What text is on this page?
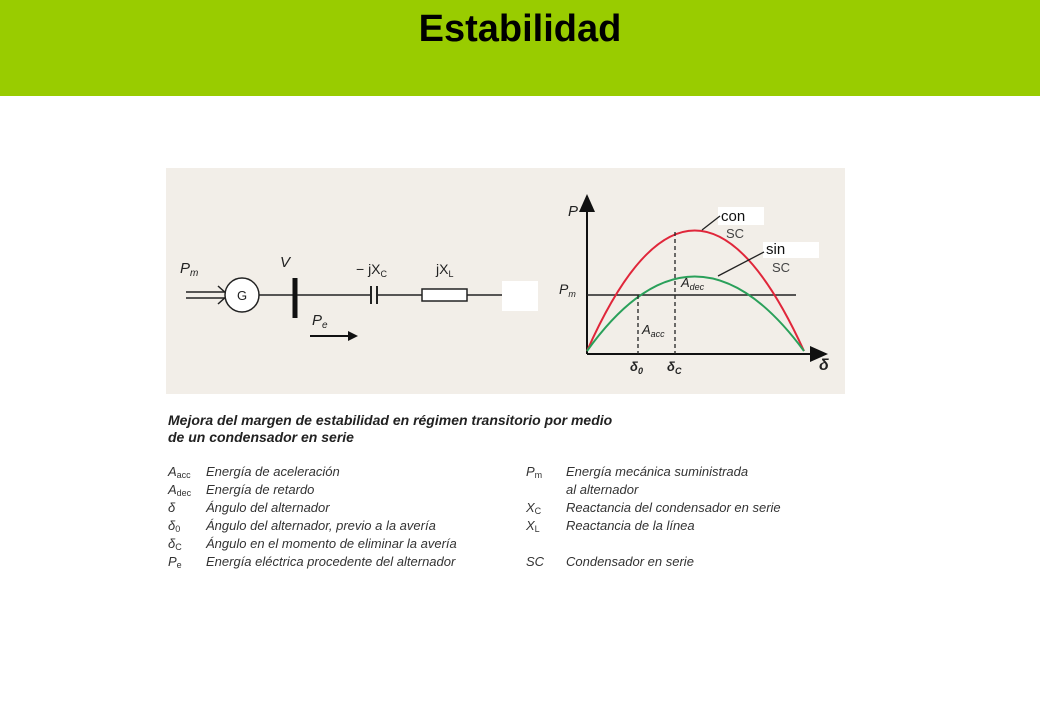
Estabilidad
$P_m$
G
V	− $jX_C$	$jX_L$
$P_e$
P
δ
$P_m$
$A_{dec}$
$A_{acc}$
$\delta_0$ $\delta_C$
con
SC
sin
SC
Mejora del margen de estabilidad en régimen transitorio por medio
de un condensador en serie
$A_{acc}$	Energía de aceleración
$A_{dec}$	Energía de retardo
δ	Ángulo del alternador
$\delta_0$	Ángulo del alternador, previo a la avería
$\delta_C$	Ángulo en el momento de eliminar la avería
$P_e$	Energía eléctrica procedente del alternador
$P_m$	Energía mecánica suministrada
al alternador
$X_C$	Reactancia del condensador en serie
$X_L$	Reactancia de la línea
SC	Condensador en serie
